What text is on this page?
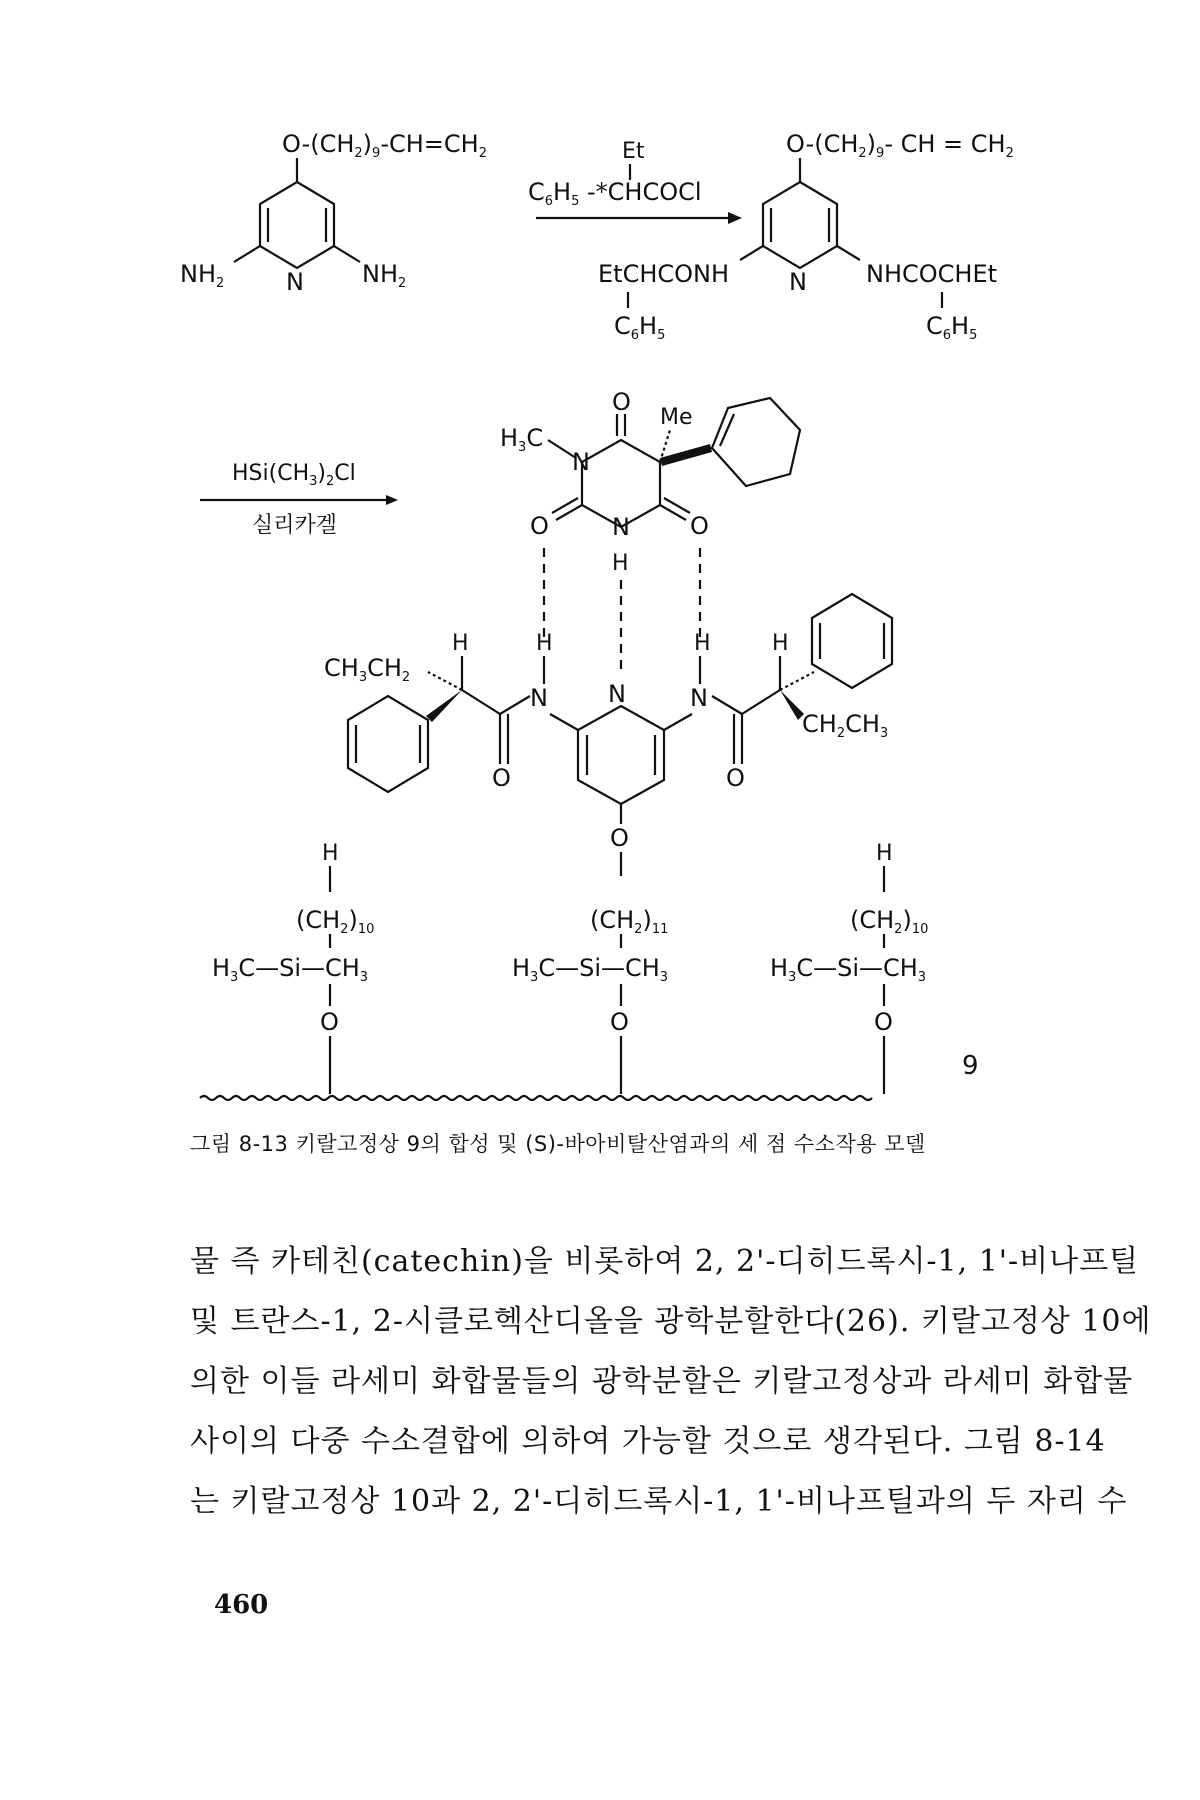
$O-(CH_2)_9-CH=CH_2$
N
$NH_2$	$NH_2$
Et
$C_6H_5$ -*CHCOCl
$O-(CH_2)_9-$ CH = $CH_2$
N
EtCHCONH	NHCOCHEt
$C_6H_5$	$C_6H_5$
$HSi(CH_3)_2Cl$
실리카겔
O
$H_3C$
N
N
H
O	O
Me
N
N
H
N
H
O
H
$CH_3CH_2$
O
H
$CH_2CH_3$
O
H
$(CH_2)_{10}$
$H_3C—Si—CH_3$
O
$(CH_2)_{11}$
$H_3C—Si—CH_3$
O
H
$(CH_2)_{10}$
$H_3C—Si—CH_3$
O
9
그림 8-13 키랄고정상 9의 합성 및 (S)-바아비탈산염과의 세 점 수소작용 모델
물 즉 카테친(catechin)을 비롯하여 2, 2'-디히드록시-1, 1'-비나프틸
및 트란스-1, 2-시클로헥산디올을 광학분할한다(26). 키랄고정상 10에
의한 이들 라세미 화합물들의 광학분할은 키랄고정상과 라세미 화합물
사이의 다중 수소결합에 의하여 가능할 것으로 생각된다. 그림 8-14
는 키랄고정상 10과 2, 2'-디히드록시-1, 1'-비나프틸과의 두 자리 수
460
